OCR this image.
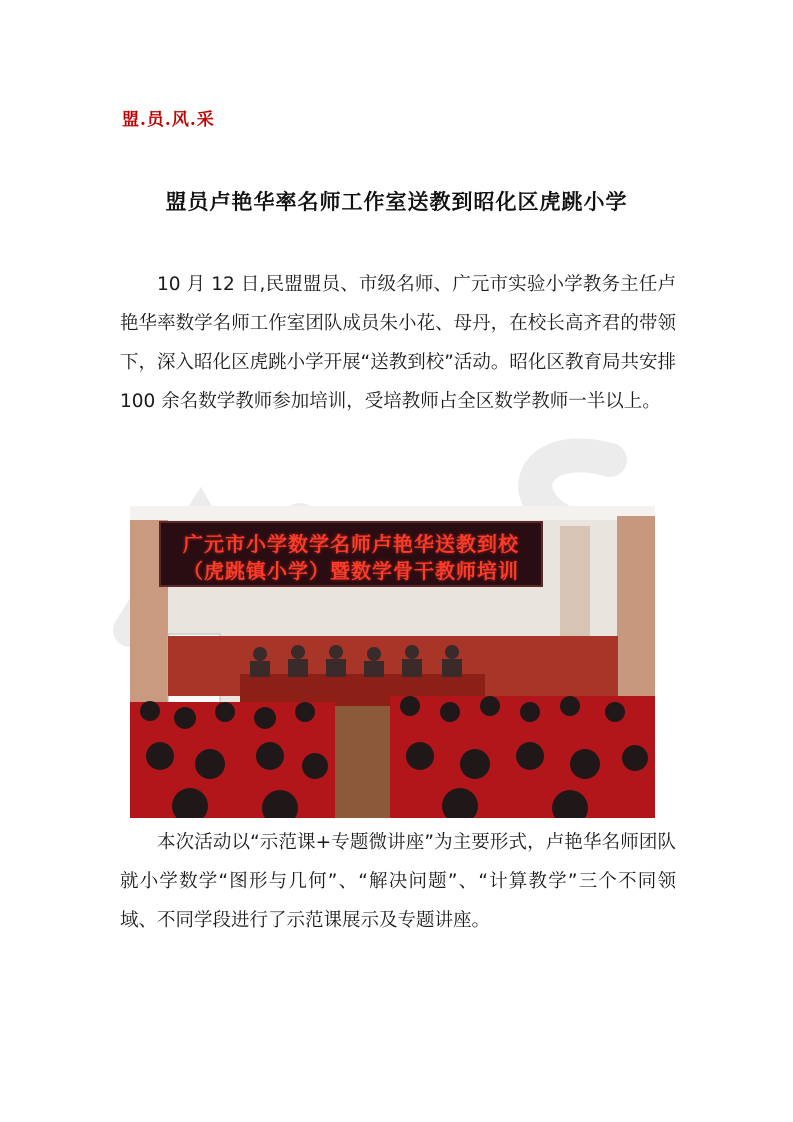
盟.员.风.采
盟员卢艳华率名师工作室送教到昭化区虎跳小学
10 月 12 日,民盟盟员、市级名师、广元市实验小学教务主任卢艳华率数学名师工作室团队成员朱小花、母丹，在校长高齐君的带领下，深入昭化区虎跳小学开展“送教到校”活动。昭化区教育局共安排 100 余名数学教师参加培训，受培教师占全区数学教师一半以上。
广元市小学数学名师卢艳华送教到校
（虎跳镇小学）暨数学骨干教师培训
本次活动以“示范课+专题微讲座”为主要形式，卢艳华名师团队就小学数学“图形与几何”、“解决问题”、“计算教学”三个不同领域、不同学段进行了示范课展示及专题讲座。
